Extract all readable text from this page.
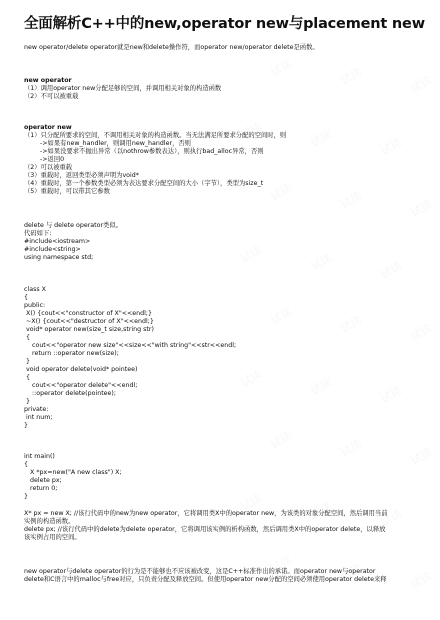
全面解析C++中的new,operator new与placement new
new operator/delete operator就是new和delete操作符，而operator new/operator delete是函数。
new operator
（1）调用operator new分配足够的空间，并调用相关对象的构造函数
（2）不可以被重载
operator new
（1）只分配所要求的空间，不调用相关对象的构造函数。当无法满足所要求分配的空间时，则
->如果有new_handler，则调用new_handler，否则
->如果没要求不抛出异常（以nothrow参数表达），则执行bad_alloc异常，否则
->返回0
（2）可以被重载
（3）重载时，返回类型必须声明为void*
（4）重载时，第一个参数类型必须为表达要求分配空间的大小（字节），类型为size_t
（5）重载时，可以带其它参数
delete 与 delete operator类似。
代码如下:
#include<iostream>
#include<string>
using namespace std;
class X
{
public:
X() {cout<<"constructor of X"<<endl;}
~X() {cout<<"destructor of X"<<endl;}
void* operator new(size_t size,string str)
{
cout<<"operator new size"<<size<<"with string"<<str<<endl;
return ::operator new(size);
}
void operator delete(void* pointee)
{
cout<<"operator delete"<<endl;
::operator delete(pointee);
}
private:
int num;
}
int main()
{
X *px=new("A new class") X;
delete px;
return 0;
}
X* px = new X; //该行代码中的new为new operator，它将调用类X中的operator new，为该类的对象分配空间，然后调用当前
实例的构造函数。
delete px; //该行代码中的delete为delete operator，它将调用该实例的析构函数，然后调用类X中的operator delete，以释放
该实例占用的空间。
new operator与delete operator的行为是不能够也不应该被改变，这是C++标准作出的承诺。而operator new与operator
delete和C语言中的malloc与free对应，只负责分配及释放空间。但使用operator new分配的空间必须使用operator delete来释
